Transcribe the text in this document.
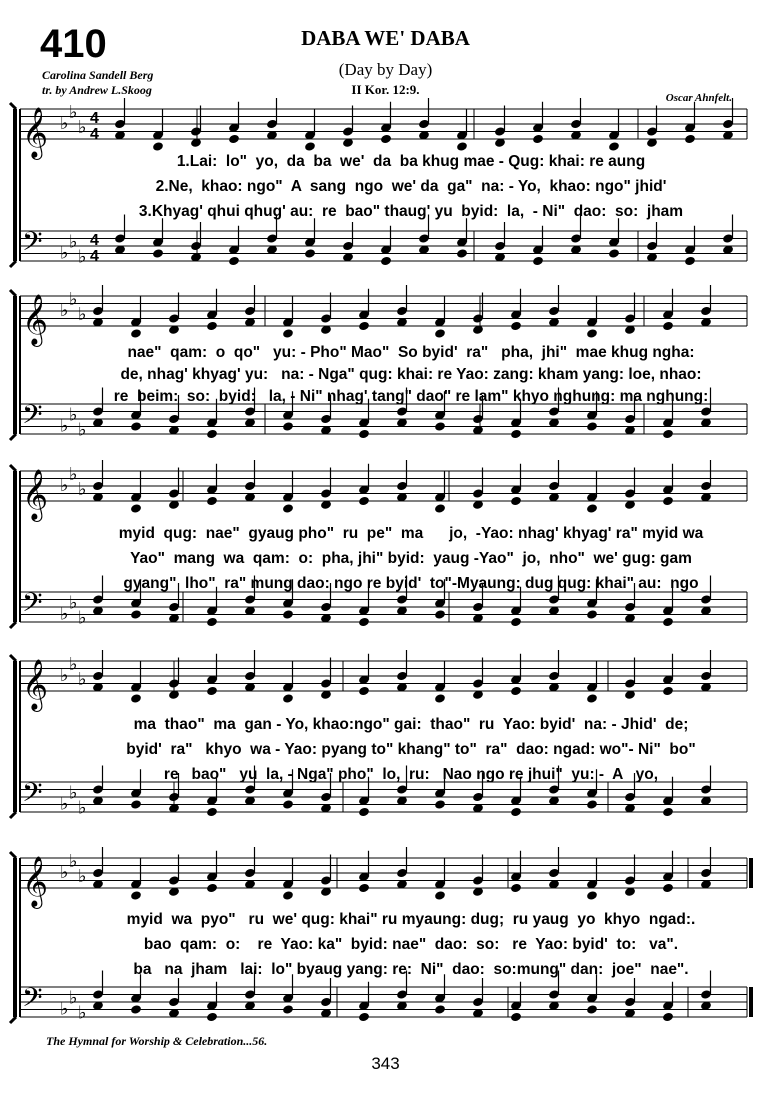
410	DABA WE' DABA
(Day by Day)
II Kor. 12:9.
Carolina Sandell Berg
tr. by Andrew L.Skoog
Oscar Ahnfelt.
♭
♭
♭
♭
♭
♭
𝄞
𝄢
4
4
4
4
♭
♭
♭
♭
♭
♭
𝄞
𝄢
♭
♭
♭
♭
♭
♭
𝄞
𝄢
♭
♭
♭
♭
♭
♭
𝄞
𝄢
♭
♭
♭
♭
♭
♭
𝄞
𝄢
1.Lai:  lo"  yo,  da  ba  we'  da  ba khug mae - Qug: khai: re aung
2.Ne,  khao: ngo"  A  sang  ngo  we' da  ga"  na: - Yo,  khao: ngo" jhid'
3.Khyag' qhui qhug' au:  re  bao" thaug' yu  byid:  la,  - Ni"  dao:  so:  jham
nae"  qam:  o  qo"   yu: - Pho" Mao"  So byid'  ra"   pha,  jhi"  mae khug ngha:
de, nhag' khyag' yu:   na: - Nga" qug: khai: re Yao: zang: kham yang: loe, nhao:
re  beim:  so:  byid:   la, - Ni" nhag' tang" dao" re lam" khyo nghung: ma nghung:
myid  qug:  nae"  gyaug pho"  ru  pe"  ma      jo,  -Yao: nhag' khyag' ra" myid wa
Yao"  mang  wa  qam:  o:  pha, jhi" byid:  yaug -Yao"  jo,  nho"  we' gug: gam
gyang"  lho"  ra" mung dao: ngo re byid'  to"-Myaung: dug qug: khai" au:  ngo
ma  thao"  ma  gan - Yo, khao:ngo" gai:  thao"  ru  Yao: byid'  na: - Jhid'  de;
byid'  ra"   khyo  wa - Yao: pyang to" khang" to"  ra"  dao: ngad: wo"- Ni"  bo"
re   bao"   yu  la, - Nga" pho"  lo,  ru:   Nao ngo re jhui"  yu: -  A   yo,
myid  wa  pyo"   ru  we' qug: khai" ru myaung: dug;  ru yaug  yo  khyo  ngad:.
bao  qam:  o:    re  Yao: ka"  byid: nae"  dao:  so:   re  Yao: byid'  to:   va".
ba   na  jham   lai:  lo" byaug yang: re:  Ni"  dao:  so:mung" dan:  joe"  nae".
The Hymnal for Worship & Celebration...56.
343
